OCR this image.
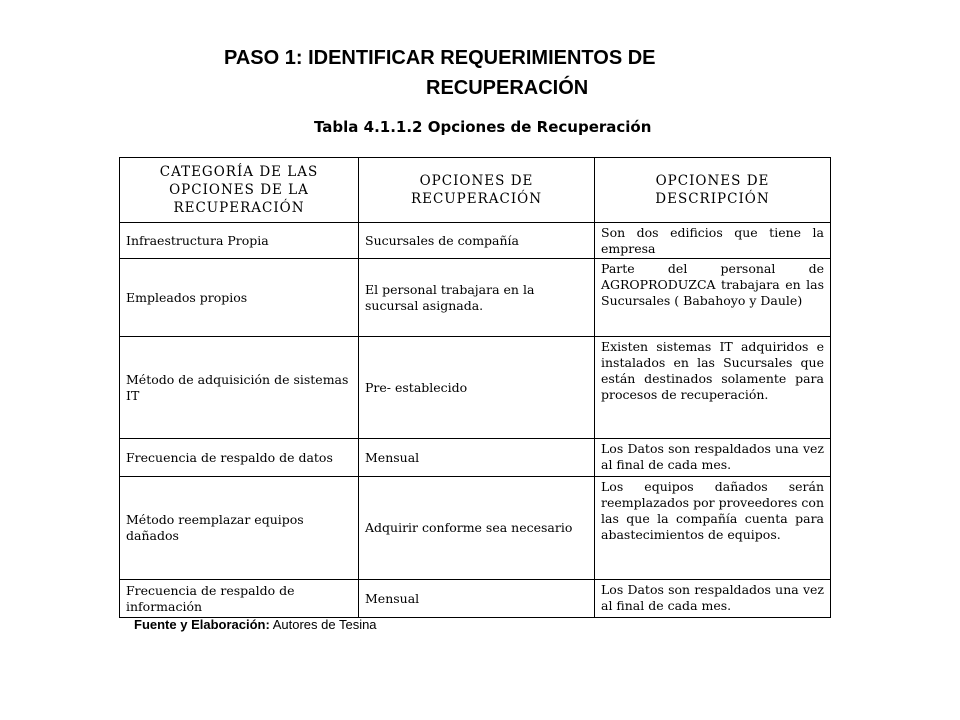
PASO 1: IDENTIFICAR REQUERIMIENTOS DE
RECUPERACIÓN
Tabla 4.1.1.2 Opciones de Recuperación
CATEGORÍA DE LAS OPCIONES DE LA RECUPERACIÓN	OPCIONES DE RECUPERACIÓN	OPCIONES DE DESCRIPCIÓN
Infraestructura Propia	Sucursales de compañía	Son dos edificios que tiene la empresa
Empleados propios	El personal trabajara en la sucursal asignada.	Parte del personal de AGROPRODUZCA trabajara en las Sucursales ( Babahoyo y Daule)
Método de adquisición de sistemas IT	Pre- establecido	Existen sistemas IT adquiridos e instalados en las Sucursales que están destinados solamente para procesos de recuperación.
Frecuencia de respaldo de datos	Mensual	Los Datos son respaldados una vez al final de cada mes.
Método reemplazar equipos dañados	Adquirir conforme sea necesario	Los equipos dañados serán reemplazados por proveedores con las que la compañía cuenta para abastecimientos de equipos.
Frecuencia de respaldo de información	Mensual	Los Datos son respaldados una vez al final de cada mes.
Fuente y Elaboración: Autores de Tesina
